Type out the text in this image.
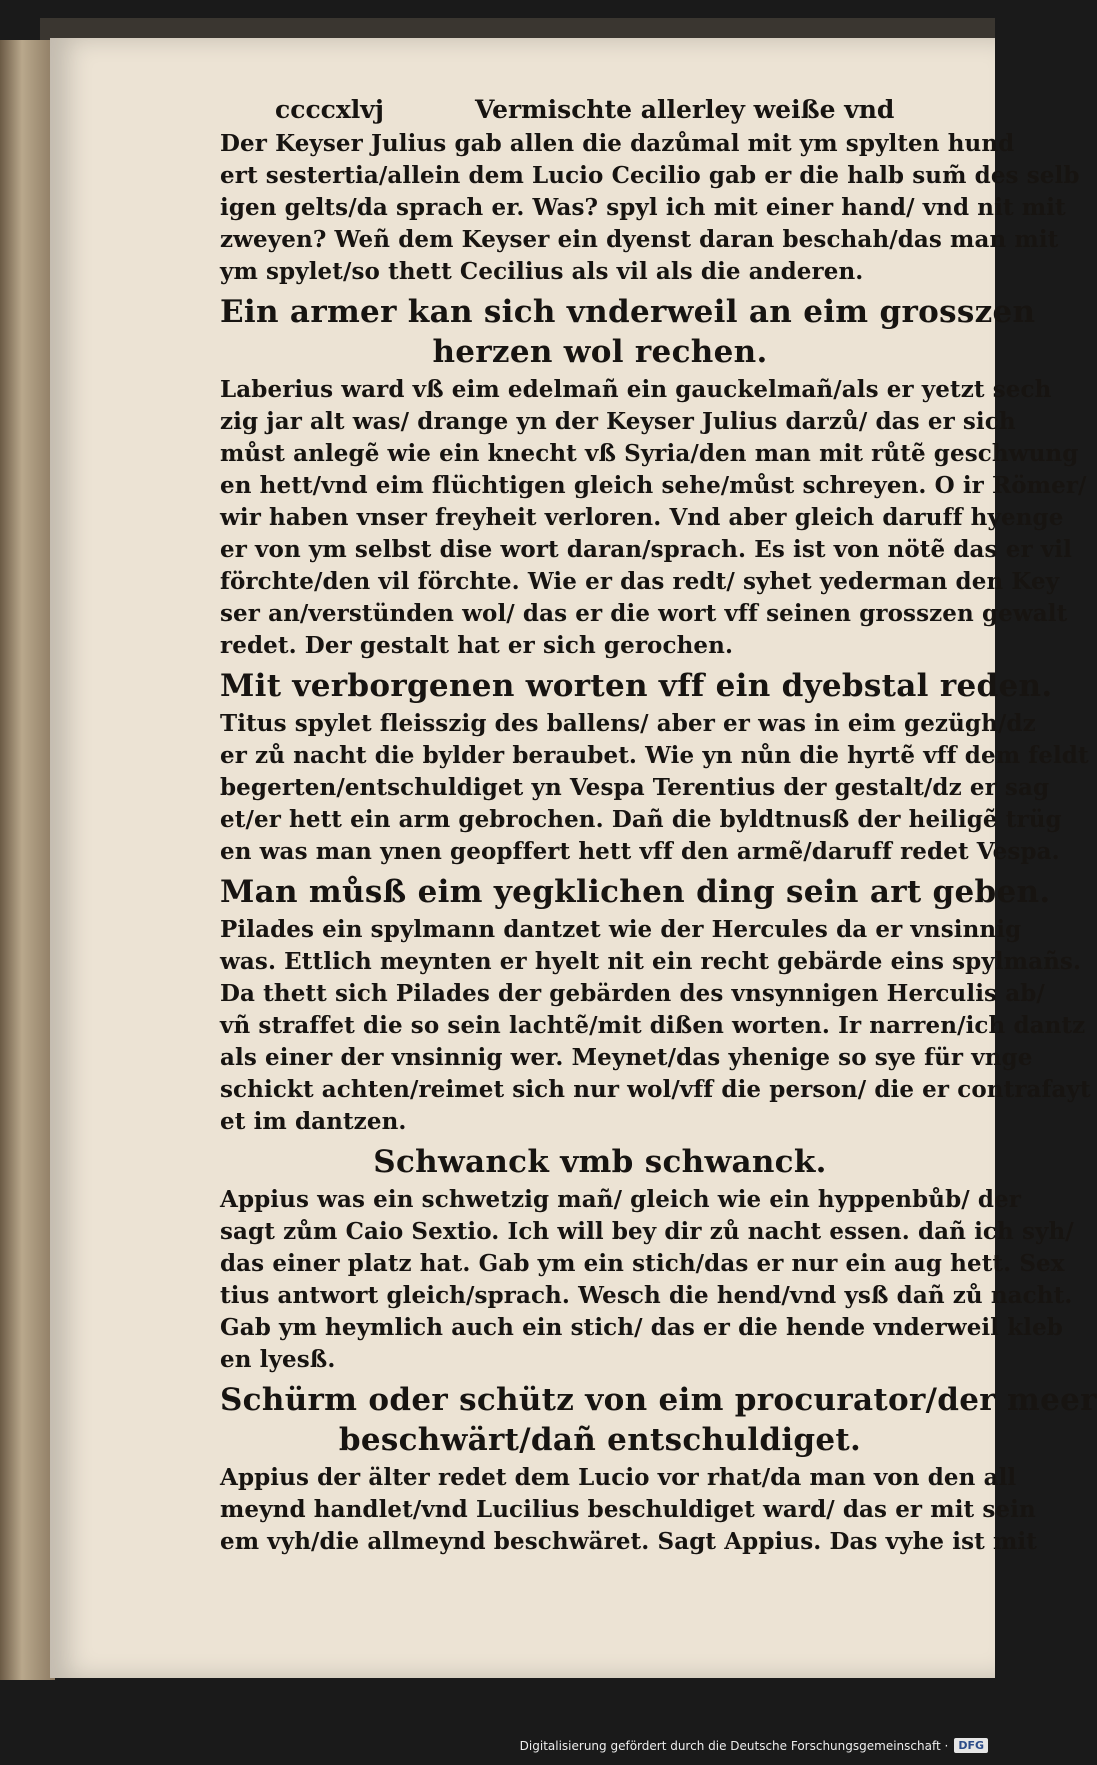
ccccxlvj	Vermischte allerley weiße vnd
Der Keyser Julius gab allen die dazůmal mit ym spylten hund
ert sestertia/allein dem Lucio Cecilio gab er die halb sum̃ des selb
igen gelts/da sprach er. Was? spyl ich mit einer hand/ vnd nit mit
zweyen? Weñ dem Keyser ein dyenst daran beschah/das man mit
ym spylet/so thett Cecilius als vil als die anderen.
Ein armer kan sich vnderweil an eim grosszen
herzen wol rechen.
Laberius ward vß eim edelmañ ein gauckelmañ/als er yetzt sech
zig jar alt was/ drange yn der Keyser Julius darzů/ das er sich
můst anlegẽ wie ein knecht vß Syria/den man mit růtẽ geschwung
en hett/vnd eim flüchtigen gleich sehe/můst schreyen. O ir Römer/
wir haben vnser freyheit verloren. Vnd aber gleich daruff hyenge
er von ym selbst dise wort daran/sprach. Es ist von nötẽ das er vil
förchte/den vil förchte. Wie er das redt/ syhet yederman den Key
ser an/verstünden wol/ das er die wort vff seinen grosszen gewalt
redet. Der gestalt hat er sich gerochen.
Mit verborgenen worten vff ein dyebstal reden.
Titus spylet fleisszig des ballens/ aber er was in eim gezügh/dz
er zů nacht die bylder beraubet. Wie yn nůn die hyrtẽ vff dem feldt
begerten/entschuldiget yn Vespa Terentius der gestalt/dz er sag
et/er hett ein arm gebrochen. Dañ die byldtnusß der heiligẽ trüg
en was man ynen geopffert hett vff den armẽ/daruff redet Vespa.
Man můsß eim yegklichen ding sein art geben.
Pilades ein spylmann dantzet wie der Hercules da er vnsinnig
was. Ettlich meynten er hyelt nit ein recht gebärde eins spylmañs.
Da thett sich Pilades der gebärden des vnsynnigen Herculis ab/
vñ straffet die so sein lachtẽ/mit dißen worten. Ir narren/ich dantz
als einer der vnsinnig wer. Meynet/das yhenige so sye für vnge
schickt achten/reimet sich nur wol/vff die person/ die er contrafayt
et im dantzen.
Schwanck vmb schwanck.
Appius was ein schwetzig mañ/ gleich wie ein hyppenbůb/ der
sagt zům Caio Sextio. Ich will bey dir zů nacht essen. dañ ich syh/
das einer platz hat. Gab ym ein stich/das er nur ein aug hett. Sex
tius antwort gleich/sprach. Wesch die hend/vnd ysß dañ zů nacht.
Gab ym heymlich auch ein stich/ das er die hende vnderweil kleb
en lyesß.
Schürm oder schütz von eim procurator/der meer
beschwärt/dañ entschuldiget.
Appius der älter redet dem Lucio vor rhat/da man von den all
meynd handlet/vnd Lucilius beschuldiget ward/ das er mit sein
em vyh/die allmeynd beschwäret. Sagt Appius. Das vyhe ist mit
Digitalisierung gefördert durch die Deutsche Forschungsgemeinschaft · DFG
